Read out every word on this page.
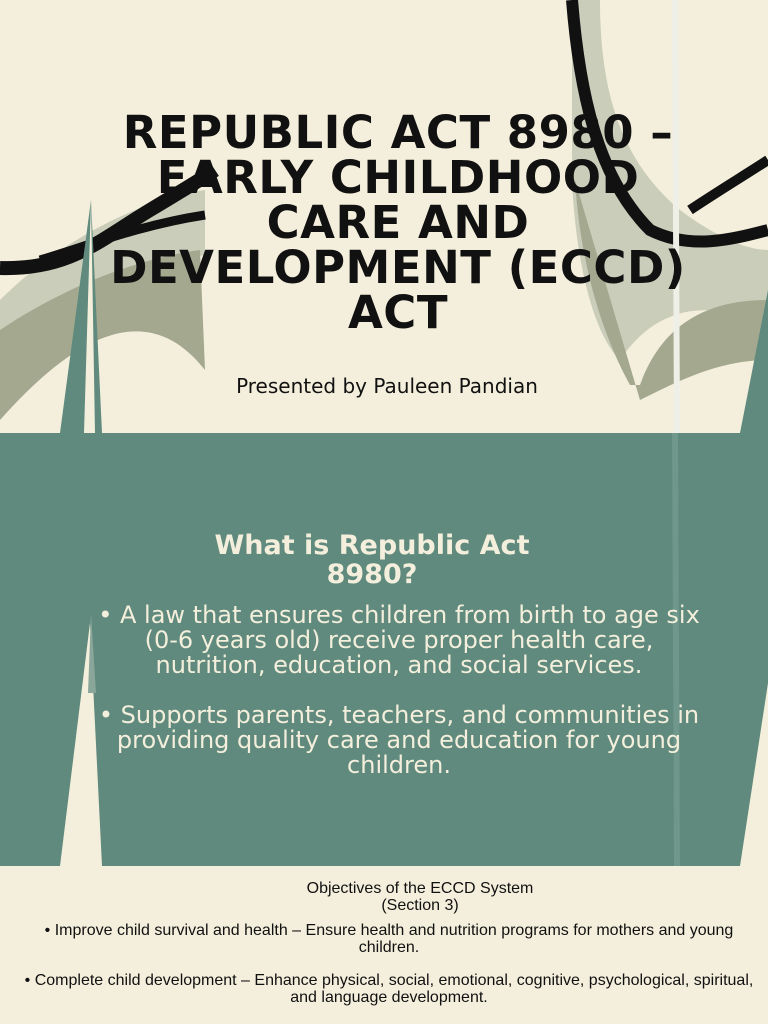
REPUBLIC ACT 8980 – EARLY CHILDHOOD CARE AND DEVELOPMENT (ECCD) ACT

Presented by Pauleen Pandian

What is Republic Act 8980?
• A law that ensures children from birth to age six (0-6 years old) receive proper health care, nutrition, education, and social services.
• Supports parents, teachers, and communities in providing quality care and education for young children.
Objectives of the ECCD System
(Section 3)
• Improve child survival and health – Ensure health and nutrition programs for mothers and young children.
• Complete child development – Enhance physical, social, emotional, cognitive, psychological, spiritual, and language development.
